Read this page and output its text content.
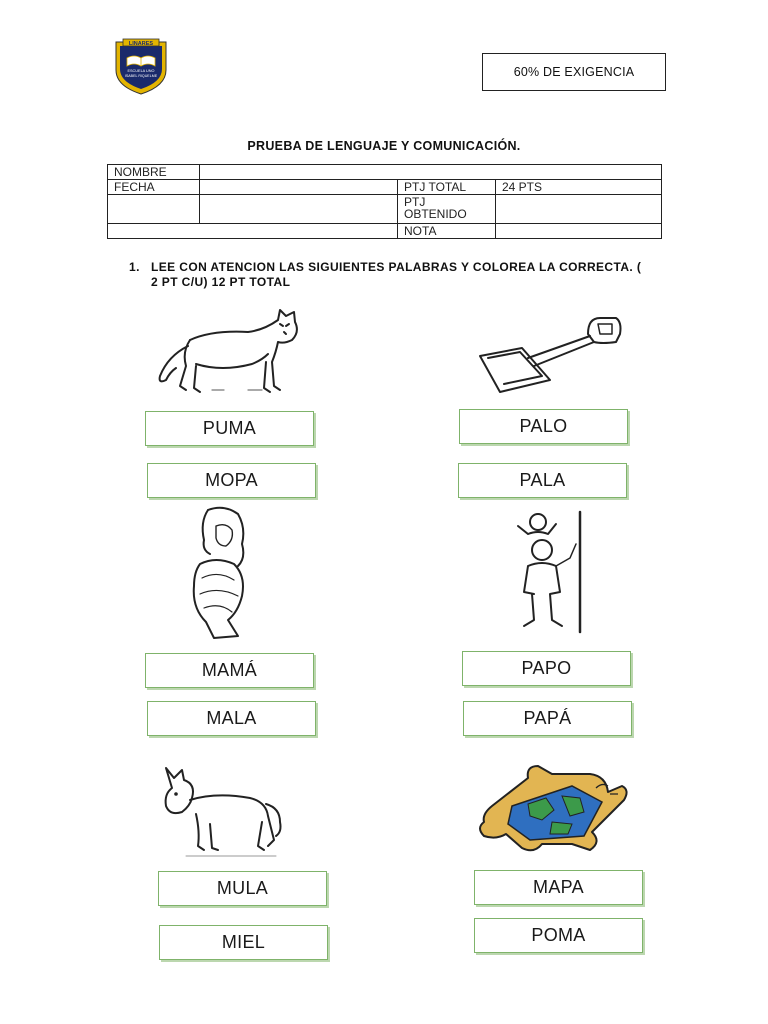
LINARES
ESCUELA UNO
ISABEL RIQUELME	60% DE EXIGENCIA
PRUEBA DE LENGUAJE Y COMUNICACIÓN.
NOMBRE			
FECHA		PTJ TOTAL	24 PTS

		PTJ
OBTENIDO	

		NOTA	
1. LEE CON ATENCION LAS SIGUIENTES PALABRAS Y COLOREA LA CORRECTA. ( 2 PT C/U) 12 PT TOTAL
PUMA
MOPA
PALO
PALA
MAMÁ
MALA
PAPO
PAPÁ
MULA
MIEL
MAPA
POMA
